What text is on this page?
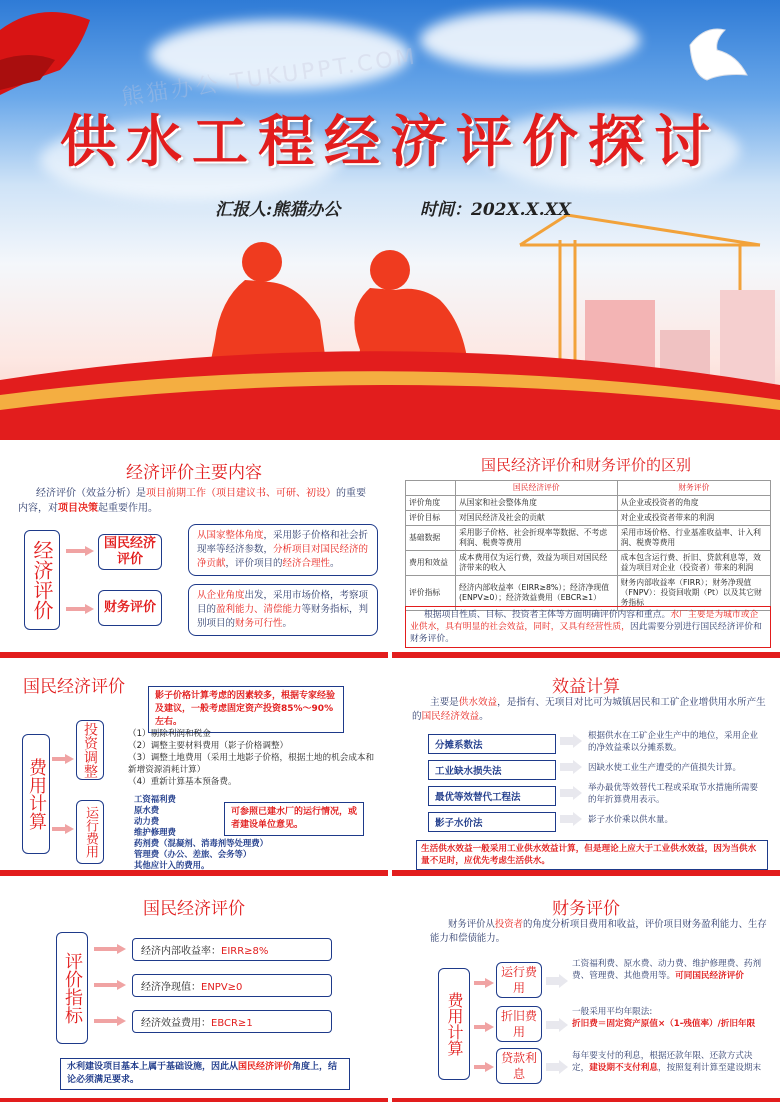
熊猫办公 TUKUPPT.COM
供水工程经济评价探讨
汇报人:熊猫办公	时间：202X.X.XX
经济评价主要内容
经济评价（效益分析）是项目前期工作（项目建议书、可研、初设）的重要内容，对项目决策起重要作用。
经济评价	国民经济评价
财务评价
从国家整体角度，采用影子价格和社会折现率等经济参数，分析项目对国民经济的净贡献，评价项目的经济合理性。
从企业角度出发，采用市场价格，考察项目的盈利能力、清偿能力等财务指标，判别项目的财务可行性。
国民经济评价和财务评价的区别
	国民经济评价	财务评价
评价角度	从国家和社会整体角度	从企业或投资者的角度
评价目标	对国民经济及社会的贡献	对企业或投资者带来的利润
基础数据	采用影子价格、社会折现率等数据、不考虑利润、税费等费用	采用市场价格、行业基准收益率、计入利润、税费等费用
费用和效益	成本费用仅为运行费，效益为项目对国民经济带来的收入	成本包含运行费、折旧、贷款利息等，效益为项目对企业（投资者）带来的利润
评价指标	经济内部收益率（EIRR≥8%）；经济净现值(ENPV≥0）；经济效益费用（EBCR≥1）	财务内部收益率（FIRR）；财务净现值（FNPV）：投资回收期（Pt）以及其它财务指标
根据项目性质、目标、投资者主体等方面明确评价内容和重点。水厂主要是为城市或企业供水，具有明显的社会效益，同时，又具有经营性质，因此需要分别进行国民经济评价和财务评价。
国民经济评价	影子价格计算考虑的因素较多，根据专家经验及建议，一般考虑固定资产投资85%～90%左右。
费用计算
投资调整
运行费用
（1）剔除利润和税金
（2）调整主要材料费用（影子价格调整）
（3）调整土地费用（采用土地影子价格，根据土地的机会成本和新增资源消耗计算）
（4）重新计算基本预备费。
工资福利费
原水费
动力费
维护修理费
药剂费（混凝剂、消毒剂等处理费）
管理费（办公、差旅、会务等）
其他应计入的费用。
可参照已建水厂的运行情况，或者建设单位意见。
效益计算
主要是供水效益，是指有、无项目对比可为城镇居民和工矿企业增供用水所产生的国民经济效益。
分摊系数法
根据供水在工矿企业生产中的地位，采用企业的净效益乘以分摊系数。
工业缺水损失法	因缺水使工业生产遭受的产值损失计算。
最优等效替代工程法
举办最优等效替代工程或采取节水措施所需要的年折算费用表示。
影子水价法	影子水价乘以供水量。
生活供水效益一般采用工业供水效益计算，但是理论上应大于工业供水效益，因为当供水量不足时，应优先考虑生活供水。
国民经济评价
评价指标
经济内部收益率：EIRR≥8%
经济净现值：ENPV≥0
经济效益费用：EBCR≥1
水利建设项目基本上属于基础设施，因此从国民经济评价角度上，结论必须满足要求。
财务评价
财务评价从投资者的角度分析项目费用和收益，评价项目财务盈利能力、生存能力和偿债能力。
费用计算
运行费用
折旧费用
贷款利息
工资福利费、原水费、动力费、维护修理费、药剂费、管理费、其他费用等。可同国民经济评价
一般采用平均年限法:
折旧费＝固定资产原值×（1-残值率）/折旧年限
每年要支付的利息，根据还款年限、还款方式决定，建设期不支付利息，按照复利计算至建设期末
